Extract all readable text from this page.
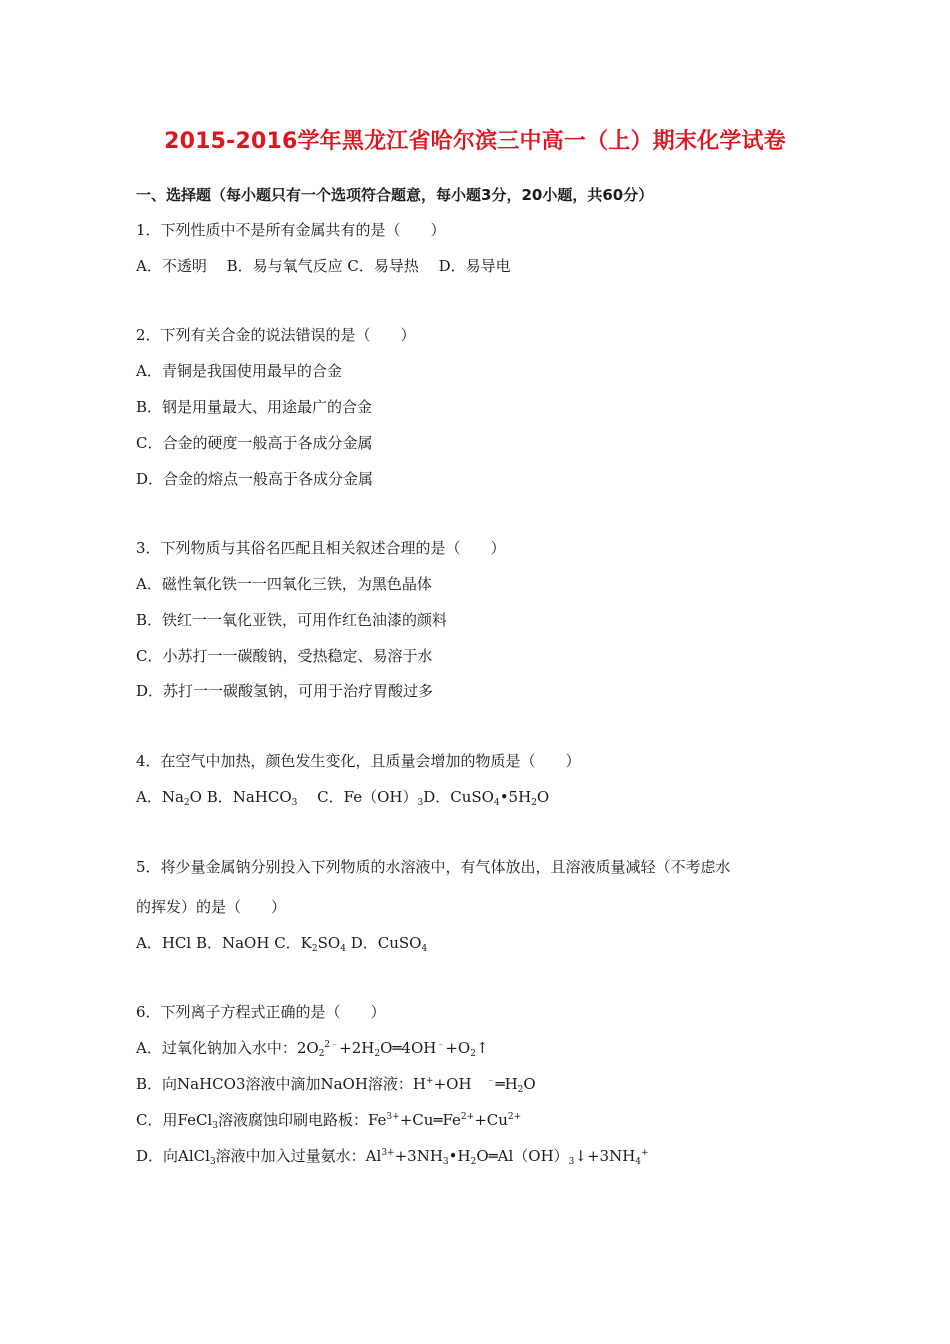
2015-2016学年黑龙江省哈尔滨三中高一（上）期末化学试卷
一、选择题（每小题只有一个选项符合题意，每小题3分，20小题，共60分）
1．下列性质中不是所有金属共有的是（　　）
A．不透明　 B．易与氧气反应 C．易导热　 D．易导电
2．下列有关合金的说法错误的是（　　）
A．青铜是我国使用最早的合金
B．钢是用量最大、用途最广的合金
C．合金的硬度一般高于各成分金属
D．合金的熔点一般高于各成分金属
3．下列物质与其俗名匹配且相关叙述合理的是（　　）
A．磁性氧化铁一一四氧化三铁，为黑色晶体
B．铁红一一氧化亚铁，可用作红色油漆的颜料
C．小苏打一一碳酸钠，受热稳定、易溶于水
D．苏打一一碳酸氢钠，可用于治疗胃酸过多
4．在空气中加热，颜色发生变化，且质量会增加的物质是（　　）
A．$Na_2O$ B．NaHCO$_3$　 C．$Fe(OH)_3D$．$CuSO_4•5H_2O$
5．将少量金属钠分别投入下列物质的水溶液中，有气体放出，且溶液质量减轻（不考虑水
的挥发）的是（　　）
A．HCl B．NaOH C．$K_2SO_4$ D．CuSO$_4$
6．下列离子方程式正确的是（　　）
A．过氧化钠加入水中：$2O_2^{2﹣}+2H_2O═4OH^﹣+O_2↑$
B．向NaHCO3溶液中滴加NaOH溶液：H++OH　$^﹣═H_2O$
C．用FeCl$_3$溶液腐蚀印刷电路板：$Fe^{3+}+Cu═Fe^{2+}+Cu^{2+}$
D．向AlCl$_3$溶液中加入过量氨水：$Al^{3+}+3NH_3•H_2O═Al(OH)_3↓+3NH_4^+$
